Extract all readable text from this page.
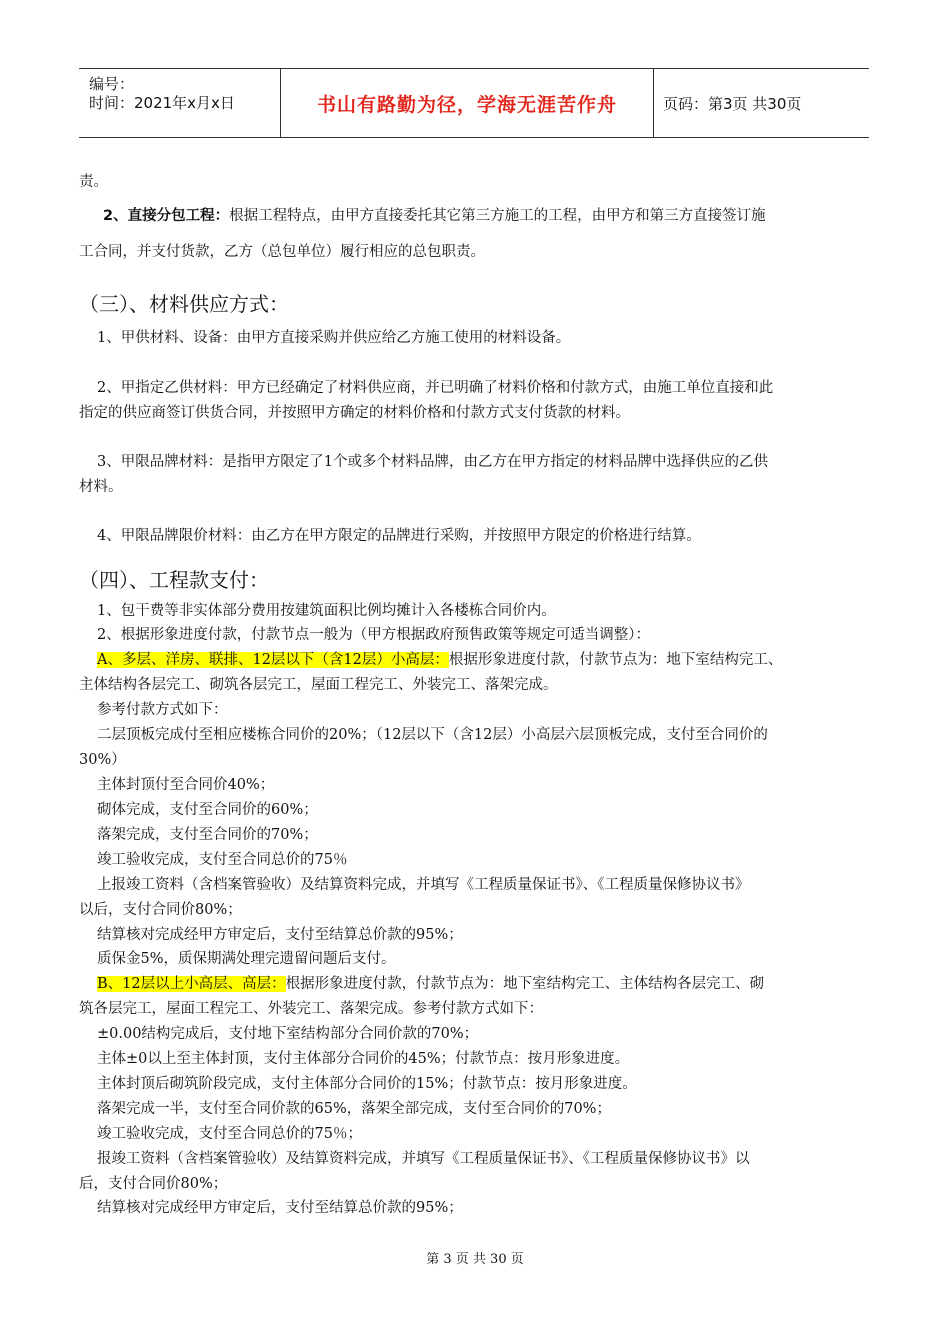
编号：
时间：2021年x月x日	书山有路勤为径，学海无涯苦作舟	页码：第3页 共30页
责。
2、直接分包工程：根据工程特点，由甲方直接委托其它第三方施工的工程，由甲方和第三方直接签订施
工合同，并支付货款，乙方（总包单位）履行相应的总包职责。
（三）、材料供应方式：
1、甲供材料、设备：由甲方直接采购并供应给乙方施工使用的材料设备。
2、甲指定乙供材料：甲方已经确定了材料供应商，并已明确了材料价格和付款方式，由施工单位直接和此
指定的供应商签订供货合同，并按照甲方确定的材料价格和付款方式支付货款的材料。
3、甲限品牌材料：是指甲方限定了1个或多个材料品牌，由乙方在甲方指定的材料品牌中选择供应的乙供
材料。
4、甲限品牌限价材料：由乙方在甲方限定的品牌进行采购，并按照甲方限定的价格进行结算。
（四）、工程款支付：
1、包干费等非实体部分费用按建筑面积比例均摊计入各楼栋合同价内。
2、根据形象进度付款，付款节点一般为（甲方根据政府预售政策等规定可适当调整）：
A、多层、洋房、联排、12层以下（含12层）小高层：根据形象进度付款，付款节点为：地下室结构完工、
主体结构各层完工、砌筑各层完工，屋面工程完工、外装完工、落架完成。
参考付款方式如下：
二层顶板完成付至相应楼栋合同价的20%；（12层以下（含12层）小高层六层顶板完成，支付至合同价的
30%）
主体封顶付至合同价40%；
砌体完成，支付至合同价的60%；
落架完成，支付至合同价的70%；
竣工验收完成，支付至合同总价的75％
上报竣工资料（含档案管验收）及结算资料完成，并填写《工程质量保证书》、《工程质量保修协议书》
以后，支付合同价80%；
结算核对完成经甲方审定后，支付至结算总价款的95%；
质保金5%，质保期满处理完遗留问题后支付。
B、12层以上小高层、高层：根据形象进度付款，付款节点为：地下室结构完工、主体结构各层完工、砌
筑各层完工，屋面工程完工、外装完工、落架完成。参考付款方式如下：
±0.00结构完成后，支付地下室结构部分合同价款的70%；
主体±0以上至主体封顶，支付主体部分合同价的45%；付款节点：按月形象进度。
主体封顶后砌筑阶段完成，支付主体部分合同价的15%；付款节点：按月形象进度。
落架完成一半，支付至合同价款的65%，落架全部完成，支付至合同价的70%；
竣工验收完成，支付至合同总价的75％；
报竣工资料（含档案管验收）及结算资料完成，并填写《工程质量保证书》、《工程质量保修协议书》以
后，支付合同价80%；
结算核对完成经甲方审定后，支付至结算总价款的95%；
第 3 页 共 30 页
